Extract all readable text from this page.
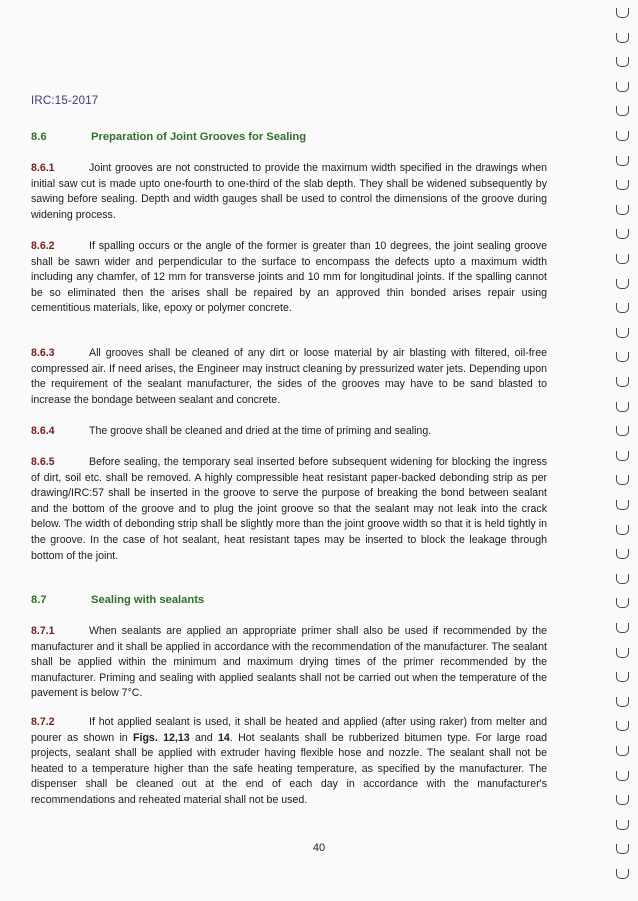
IRC:15-2017
8.6	Preparation of Joint Grooves for Sealing

8.6.1	Joint grooves are not constructed to provide the maximum width specified in the drawings when initial saw cut is made upto one-fourth to one-third of the slab depth. They shall be widened subsequently by sawing before sealing. Depth and width gauges shall be used to control the dimensions of the groove during widening process.

8.6.2	If spalling occurs or the angle of the former is greater than 10 degrees, the joint sealing groove shall be sawn wider and perpendicular to the surface to encompass the defects upto a maximum width including any chamfer, of 12 mm for transverse joints and 10 mm for longitudinal joints. If the spalling cannot be so eliminated then the arises shall be repaired by an approved thin bonded arises repair using cementitious materials, like, epoxy or polymer concrete.

8.6.3	All grooves shall be cleaned of any dirt or loose material by air blasting with filtered, oil-free compressed air. If need arises, the Engineer may instruct cleaning by pressurized water jets. Depending upon the requirement of the sealant manufacturer, the sides of the grooves may have to be sand blasted to increase the bondage between sealant and concrete.

8.6.4	The groove shall be cleaned and dried at the time of priming and sealing.

8.6.5	Before sealing, the temporary seal inserted before subsequent widening for blocking the ingress of dirt, soil etc. shall be removed. A highly compressible heat resistant paper-backed debonding strip as per drawing/IRC:57 shall be inserted in the groove to serve the purpose of breaking the bond between sealant and the bottom of the groove and to plug the joint groove so that the sealant may not leak into the crack below. The width of debonding strip shall be slightly more than the joint groove width so that it is held tightly in the groove. In the case of hot sealant, heat resistant tapes may be inserted to block the leakage through bottom of the joint.

8.7	Sealing with sealants

8.7.1	When sealants are applied an appropriate primer shall also be used if recommended by the manufacturer and it shall be applied in accordance with the recommendation of the manufacturer. The sealant shall be applied within the minimum and maximum drying times of the primer recommended by the manufacturer. Priming and sealing with applied sealants shall not be carried out when the temperature of the pavement is below 7°C.

8.7.2	If hot applied sealant is used, it shall be heated and applied (after using raker) from melter and pourer as shown in Figs. 12,13 and 14. Hot sealants shall be rubberized bitumen type. For large road projects, sealant shall be applied with extruder having flexible hose and nozzle. The sealant shall not be heated to a temperature higher than the safe heating temperature, as specified by the manufacturer. The dispenser shall be cleaned out at the end of each day in accordance with the manufacturer's recommendations and reheated material shall not be used.

40
